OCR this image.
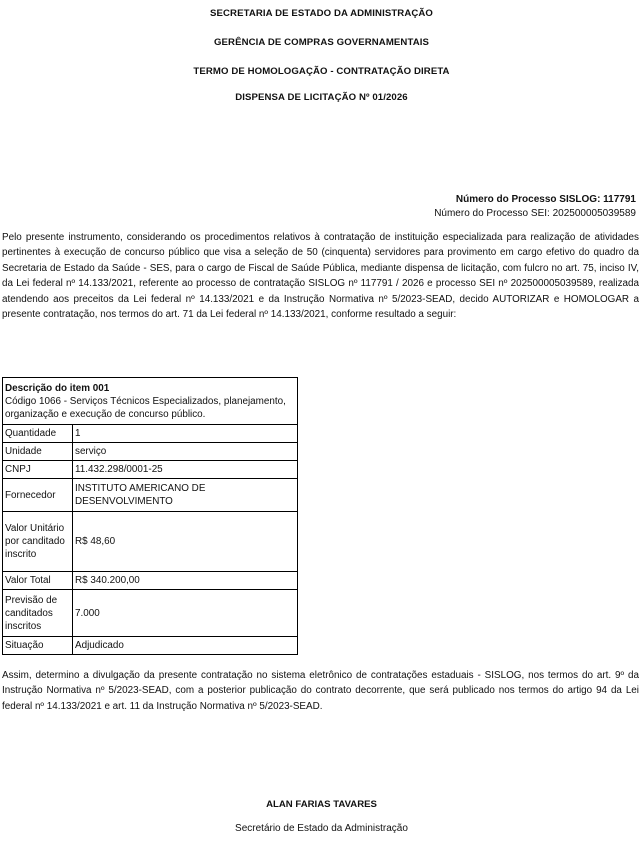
SECRETARIA DE ESTADO DA ADMINISTRAÇÃO
GERÊNCIA DE COMPRAS GOVERNAMENTAIS
TERMO DE HOMOLOGAÇÃO - CONTRATAÇÃO DIRETA
DISPENSA DE LICITAÇÃO Nº 01/2026
Número do Processo SISLOG: 117791
Número do Processo SEI: 202500005039589

Pelo presente instrumento, considerando os procedimentos relativos à contratação de instituição especializada para realização de atividades pertinentes à execução de concurso público que visa a seleção de 50 (cinquenta) servidores para provimento em cargo efetivo do quadro da Secretaria de Estado da Saúde - SES, para o cargo de Fiscal de Saúde Pública, mediante dispensa de licitação, com fulcro no art. 75, inciso IV, da Lei federal nº 14.133/2021, referente ao processo de contratação SISLOG nº 117791 / 2026 e processo SEI nº 202500005039589, realizada atendendo aos preceitos da Lei federal nº 14.133/2021 e da Instrução Normativa nº 5/2023-SEAD, decido AUTORIZAR e HOMOLOGAR a presente contratação, nos termos do art. 71 da Lei federal nº 14.133/2021, conforme resultado a seguir:

Descrição do item 001
Código 1066 - Serviços Técnicos Especializados, planejamento, organização e execução de concurso público.	

Quantidade	1
Unidade	serviço
CNPJ	11.432.298/0001-25
Fornecedor	INSTITUTO AMERICANO DE DESENVOLVIMENTO
Valor Unitário por canditado inscrito	R$ 48,60
Valor Total	R$ 340.200,00
Previsão de canditados inscritos	7.000
Situação	Adjudicado

Assim, determino a divulgação da presente contratação no sistema eletrônico de contratações estaduais - SISLOG, nos termos do art. 9º da Instrução Normativa nº 5/2023-SEAD, com a posterior publicação do contrato decorrente, que será publicado nos termos do artigo 94 da Lei federal nº 14.133/2021 e art. 11 da Instrução Normativa nº 5/2023-SEAD.

ALAN FARIAS TAVARES
Secretário de Estado da Administração
